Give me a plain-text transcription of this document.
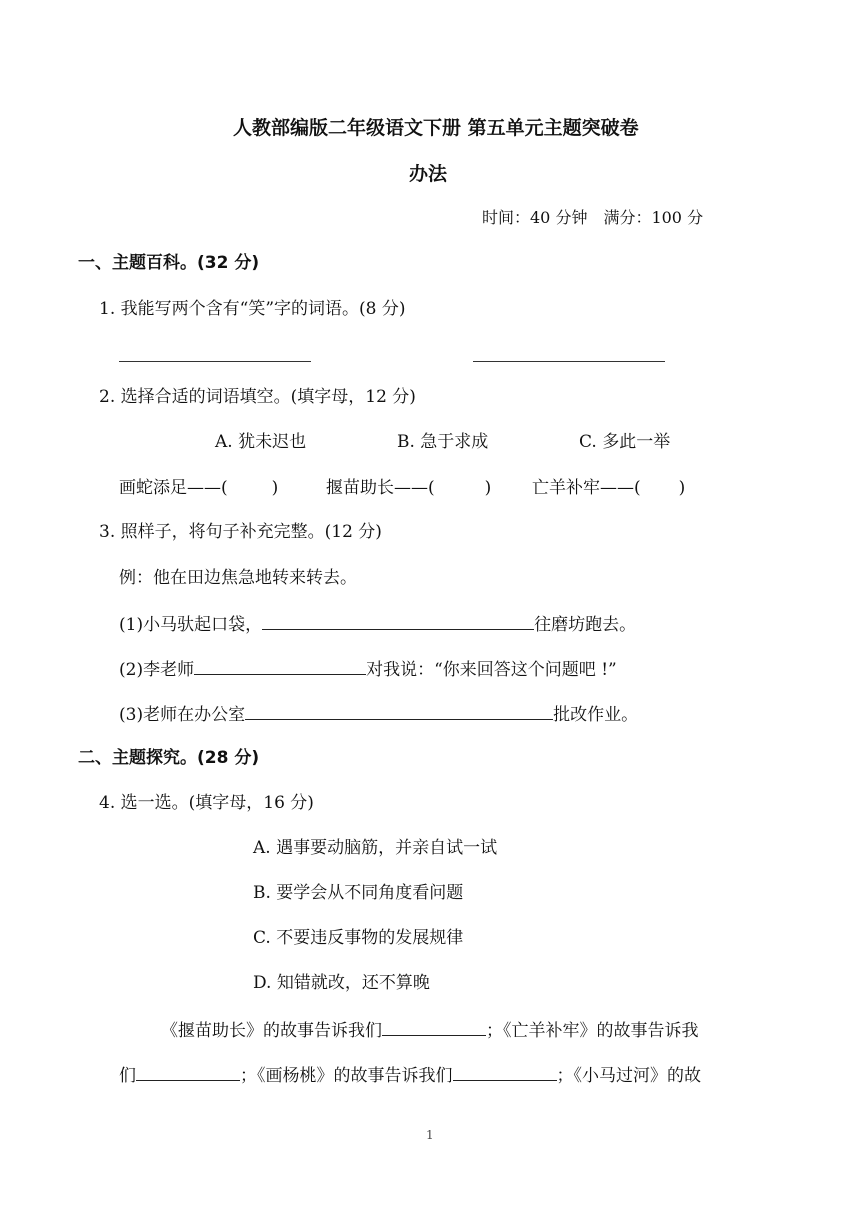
人教部编版二年级语文下册 第五单元主题突破卷
办法
时间：40 分钟　满分：100 分
一、主题百科。(32 分)
1. 我能写两个含有“笑”字的词语。(8 分)
2. 选择合适的词语填空。(填字母，12 分)
A. 犹未迟也	B. 急于求成	C. 多此一举
画蛇添足——(	)	揠苗助长——(	) 亡羊补牢——( )
3. 照样子，将句子补充完整。(12 分)
例：他在田边焦急地转来转去。
(1)小马驮起口袋，	往磨坊跑去。
(2)李老师	对我说：“你来回答这个问题吧 !”
(3)老师在办公室	批改作业。
二、主题探究。(28 分)
4. 选一选。(填字母，16 分)
A. 遇事要动脑筋，并亲自试一试
B. 要学会从不同角度看问题
C. 不要违反事物的发展规律
D. 知错就改，还不算晚
《揠苗助长》的故事告诉我们	；《亡羊补牢》的故事告诉我
们	；《画杨桃》的故事告诉我们	；《小马过河》的故
1
